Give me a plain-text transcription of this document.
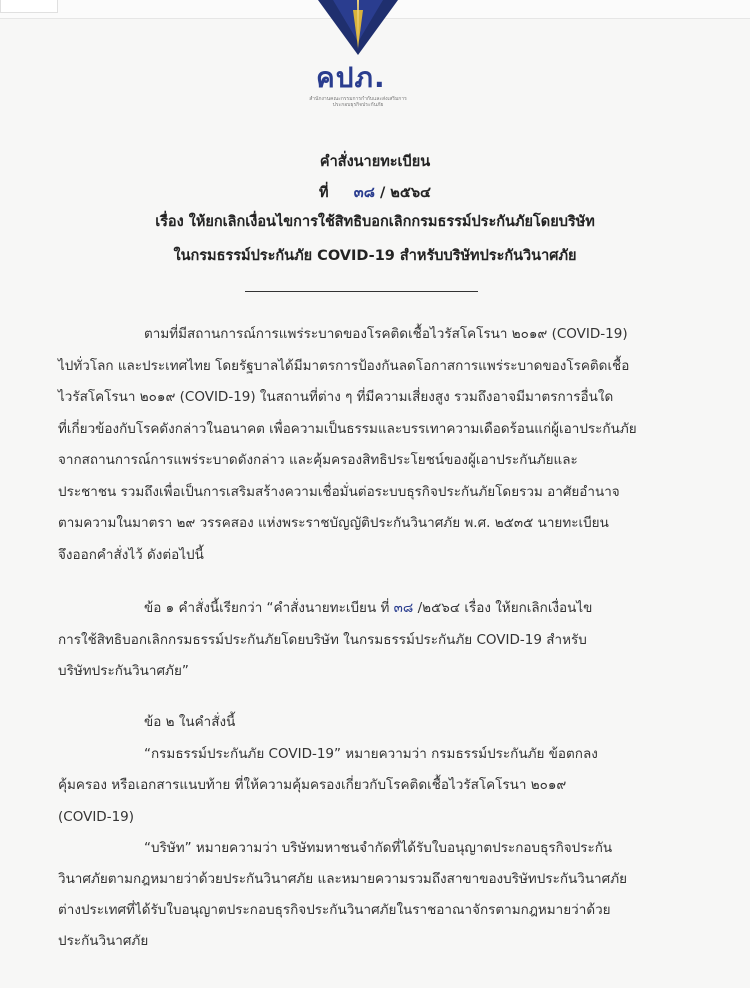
คปภ.
สำนักงานคณะกรรมการกำกับและส่งเสริมการประกอบธุรกิจประกันภัย
คำสั่งนายทะเบียน
ที่ ๓๘ / ๒๕๖๔
เรื่อง ให้ยกเลิกเงื่อนไขการใช้สิทธิบอกเลิกกรมธรรม์ประกันภัยโดยบริษัท
ในกรมธรรม์ประกันภัย COVID-19 สำหรับบริษัทประกันวินาศภัย

ตามที่มีสถานการณ์การแพร่ระบาดของโรคติดเชื้อไวรัสโคโรนา ๒๐๑๙ (COVID-19)

ไปทั่วโลก และประเทศไทย โดยรัฐบาลได้มีมาตรการป้องกันลดโอกาสการแพร่ระบาดของโรคติดเชื้อ

ไวรัสโคโรนา ๒๐๑๙ (COVID-19) ในสถานที่ต่าง ๆ ที่มีความเสี่ยงสูง รวมถึงอาจมีมาตรการอื่นใด

ที่เกี่ยวข้องกับโรคดังกล่าวในอนาคต เพื่อความเป็นธรรมและบรรเทาความเดือดร้อนแก่ผู้เอาประกันภัย

จากสถานการณ์การแพร่ระบาดดังกล่าว และคุ้มครองสิทธิประโยชน์ของผู้เอาประกันภัยและ

ประชาชน รวมถึงเพื่อเป็นการเสริมสร้างความเชื่อมั่นต่อระบบธุรกิจประกันภัยโดยรวม อาศัยอำนาจ

ตามความในมาตรา ๒๙ วรรคสอง แห่งพระราชบัญญัติประกันวินาศภัย พ.ศ. ๒๕๓๕ นายทะเบียน

จึงออกคำสั่งไว้ ดังต่อไปนี้

ข้อ ๑ คำสั่งนี้เรียกว่า “คำสั่งนายทะเบียน ที่ ๓๘ /๒๕๖๔ เรื่อง ให้ยกเลิกเงื่อนไข

การใช้สิทธิบอกเลิกกรมธรรม์ประกันภัยโดยบริษัท ในกรมธรรม์ประกันภัย COVID-19 สำหรับ

บริษัทประกันวินาศภัย”

ข้อ ๒ ในคำสั่งนี้

“กรมธรรม์ประกันภัย COVID-19” หมายความว่า กรมธรรม์ประกันภัย ข้อตกลง

คุ้มครอง หรือเอกสารแนบท้าย ที่ให้ความคุ้มครองเกี่ยวกับโรคติดเชื้อไวรัสโคโรนา ๒๐๑๙

(COVID-19)

“บริษัท” หมายความว่า บริษัทมหาชนจำกัดที่ได้รับใบอนุญาตประกอบธุรกิจประกัน

วินาศภัยตามกฎหมายว่าด้วยประกันวินาศภัย และหมายความรวมถึงสาขาของบริษัทประกันวินาศภัย

ต่างประเทศที่ได้รับใบอนุญาตประกอบธุรกิจประกันวินาศภัยในราชอาณาจักรตามกฎหมายว่าด้วย

ประกันวินาศภัย
